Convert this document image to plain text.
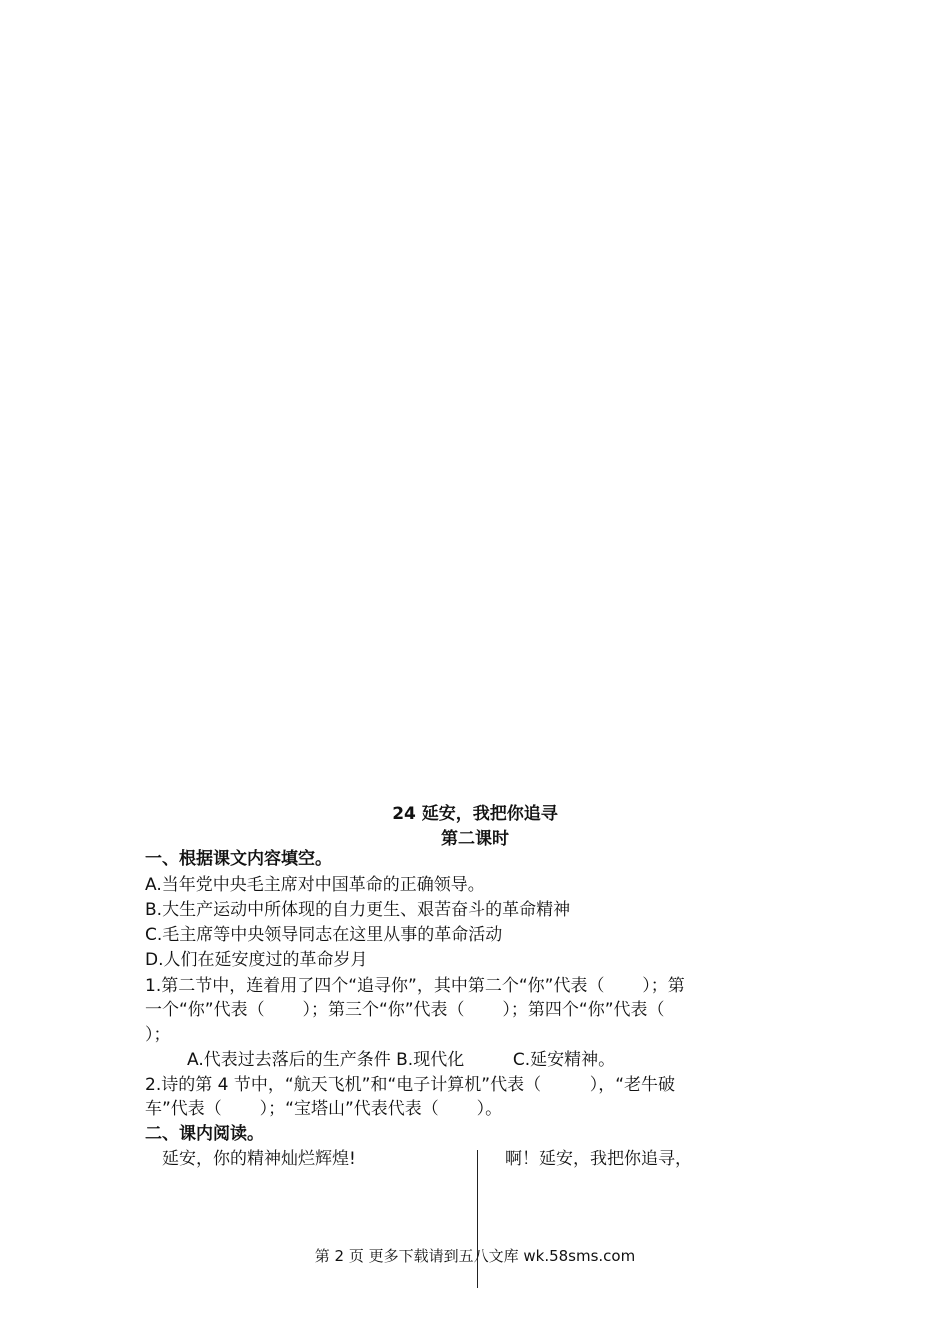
24 延安，我把你追寻
第二课时
一、根据课文内容填空。
A.当年党中央毛主席对中国革命的正确领导。
B.大生产运动中所体现的自力更生、艰苦奋斗的革命精神
C.毛主席等中央领导同志在这里从事的革命活动
D.人们在延安度过的革命岁月
1.第二节中，连着用了四个“追寻你”，其中第二个“你”代表（       ）；第
一个“你”代表（       ）；第三个“你”代表（       ）；第四个“你”代表（
）；
A.代表过去落后的生产条件 B.现代化         C.延安精神。
2.诗的第 4 节中，“航天飞机”和“电子计算机”代表（         ），“老牛破
车”代表（       ）；“宝塔山”代表代表（       ）。
二、课内阅读。
延安，你的精神灿烂辉煌!	啊！延安，我把你追寻，
第 2 页 更多下载请到五八文库 wk.58sms.com
